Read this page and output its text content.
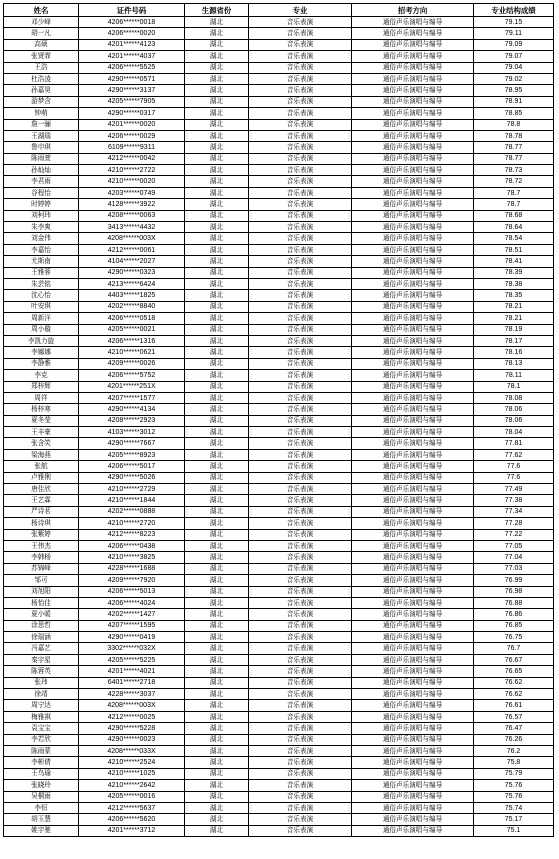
姓名	证件号码	生源省份	专业	招考方向	专业结构成绩
邓少峰	4206******0018	湖北	音乐表演	通俗声乐演唱与编导	79.15
胡一凡	4206******0020	湖北	音乐表演	通俗声乐演唱与编导	79.11
高硕	4201******4123	湖北	音乐表演	通俗声乐演唱与编导	79.09
张贤霏	4201******4037	湖北	音乐表演	通俗声乐演唱与编导	79.07
王浩	4206******5525	湖北	音乐表演	通俗声乐演唱与编导	79.04
杜浩凌	4290******0571	湖北	音乐表演	通俗声乐演唱与编导	79.02
孙嘉昊	4290******3137	湖北	音乐表演	通俗声乐演唱与编导	78.95
游梦含	4205******7905	湖北	音乐表演	通俗声乐演唱与编导	78.91
钟萌	4290******0317	湖北	音乐表演	通俗声乐演唱与编导	78.85
詹一骊	4201******0020	湖北	音乐表演	通俗声乐演唱与编导	78.8
王湖瑞	4206******0029	湖北	音乐表演	通俗声乐演唱与编导	78.78
鲁申琪	6109******9311	湖北	音乐表演	通俗声乐演唱与编导	78.77
陈雨萱	4212******0042	湖北	音乐表演	通俗声乐演唱与编导	78.77
孙灿灿	4210******2722	湖北	音乐表演	通俗声乐演唱与编导	78.73
李君雨	4210******0020	湖北	音乐表演	通俗声乐演唱与编导	78.72
谷程怡	4203******0749	湖北	音乐表演	通俗声乐演唱与编导	78.7
时婷婷	4128******3922	湖北	音乐表演	通俗声乐演唱与编导	78.7
刘柯玮	4208******0063	湖北	音乐表演	通俗声乐演唱与编导	78.68
朱李爽	3413******4432	湖北	音乐表演	通俗声乐演唱与编导	78.64
刘金伟	4208******003X	湖北	音乐表演	通俗声乐演唱与编导	78.54
李嘉怡	4212******0061	湖北	音乐表演	通俗声乐演唱与编导	78.51
尤斯南	4104******2027	湖北	音乐表演	通俗声乐演唱与编导	78.41
王雅蓉	4290******0323	湖北	音乐表演	通俗声乐演唱与编导	78.39
朱芸铭	4213******6424	湖北	音乐表演	通俗声乐演唱与编导	78.38
沈心怡	4403******1825	湖北	音乐表演	通俗声乐演唱与编导	78.35
叶安琪	4202******8840	湖北	音乐表演	通俗声乐演唱与编导	78.21
周新洋	4206******0518	湖北	音乐表演	通俗声乐演唱与编导	78.21
周小璇	4205******0021	湖北	音乐表演	通俗声乐演唱与编导	78.19
李凯力旋	4206******1316	湖北	音乐表演	通俗声乐演唱与编导	78.17
李娜娜	4210******0621	湖北	音乐表演	通俗声乐演唱与编导	78.16
李静雅	4209******0026	湖北	音乐表演	通俗声乐演唱与编导	78.13
李克	4206******5752	湖北	音乐表演	通俗声乐演唱与编导	78.11
郑梓辉	4201******251X	湖北	音乐表演	通俗声乐演唱与编导	78.1
周祥	4207******1577	湖北	音乐表演	通俗声乐演唱与编导	78.08
杨梓寒	4290******4134	湖北	音乐表演	通俗声乐演唱与编导	78.06
夏冬莹	4208******2923	湖北	音乐表演	通俗声乐演唱与编导	78.06
王丰豪	4103******3012	湖北	音乐表演	通俗声乐演唱与编导	78.04
张含笑	4290******7667	湖北	音乐表演	通俗声乐演唱与编导	77.81
梁海燕	4205******8923	湖北	音乐表演	通俗声乐演唱与编导	77.62
张航	4206******5017	湖北	音乐表演	通俗声乐演唱与编导	77.6
卢雅俐	4290******5026	湖北	音乐表演	通俗声乐演唱与编导	77.6
唐佳欣	4210******2729	湖北	音乐表演	通俗声乐演唱与编导	77.49
王艺霖	4210******1844	湖北	音乐表演	通俗声乐演唱与编导	77.38
严诗茗	4202******0888	湖北	音乐表演	通俗声乐演唱与编导	77.34
杨诗琪	4210******2720	湖北	音乐表演	通俗声乐演唱与编导	77.28
张紫婷	4212******8223	湖北	音乐表演	通俗声乐演唱与编导	77.22
王伟杰	4206******0438	湖北	音乐表演	通俗声乐演唱与编导	77.05
李韩杨	4210******3825	湖北	音乐表演	通俗声乐演唱与编导	77.04
苏锦峰	4228******1688	湖北	音乐表演	通俗声乐演唱与编导	77.03
邹可	4209******7920	湖北	音乐表演	通俗声乐演唱与编导	76.99
刘旭阳	4206******5013	湖北	音乐表演	通俗声乐演唱与编导	76.98
杨怡佳	4206******4024	湖北	音乐表演	通俗声乐演唱与编导	76.88
夏小暖	4202******1427	湖北	音乐表演	通俗声乐演唱与编导	76.86
涂思哲	4207******1595	湖北	音乐表演	通俗声乐演唱与编导	76.85
徐瑞涵	4290******0419	湖北	音乐表演	通俗声乐演唱与编导	76.75
冯嘉艺	3302******032X	湖北	音乐表演	通俗声乐演唱与编导	76.7
秦宇星	4205******5225	湖北	音乐表演	通俗声乐演唱与编导	76.67
陈蓉英	4201******4021	湖北	音乐表演	通俗声乐演唱与编导	76.65
张玮	6401******2718	湖北	音乐表演	通俗声乐演唱与编导	76.62
徐靖	4228******3037	湖北	音乐表演	通俗声乐演唱与编导	76.62
周宁达	4208******003X	湖北	音乐表演	通俗声乐演唱与编导	76.61
梅雅祺	4212******0025	湖北	音乐表演	通俗声乐演唱与编导	76.57
袁宝宝	4290******5228	湖北	音乐表演	通俗声乐演唱与编导	76.47
李若欣	4290******0023	湖北	音乐表演	通俗声乐演唱与编导	76.26
陈雨蒙	4208******033X	湖北	音乐表演	通俗声乐演唱与编导	76.2
李彬倩	4210******2524	湖北	音乐表演	通俗声乐演唱与编导	75.8
王鸟瑜	4210******1025	湖北	音乐表演	通俗声乐演唱与编导	75.79
张晓玲	4210******2642	湖北	音乐表演	通俗声乐演唱与编导	75.76
吴桐雨	4205******0016	湖北	音乐表演	通俗声乐演唱与编导	75.76
李恒	4212******5637	湖北	音乐表演	通俗声乐演唱与编导	75.74
胡玉慧	4206******5620	湖北	音乐表演	通俗声乐演唱与编导	75.17
姚宇驰	4201******3712	湖北	音乐表演	通俗声乐演唱与编导	75.1
